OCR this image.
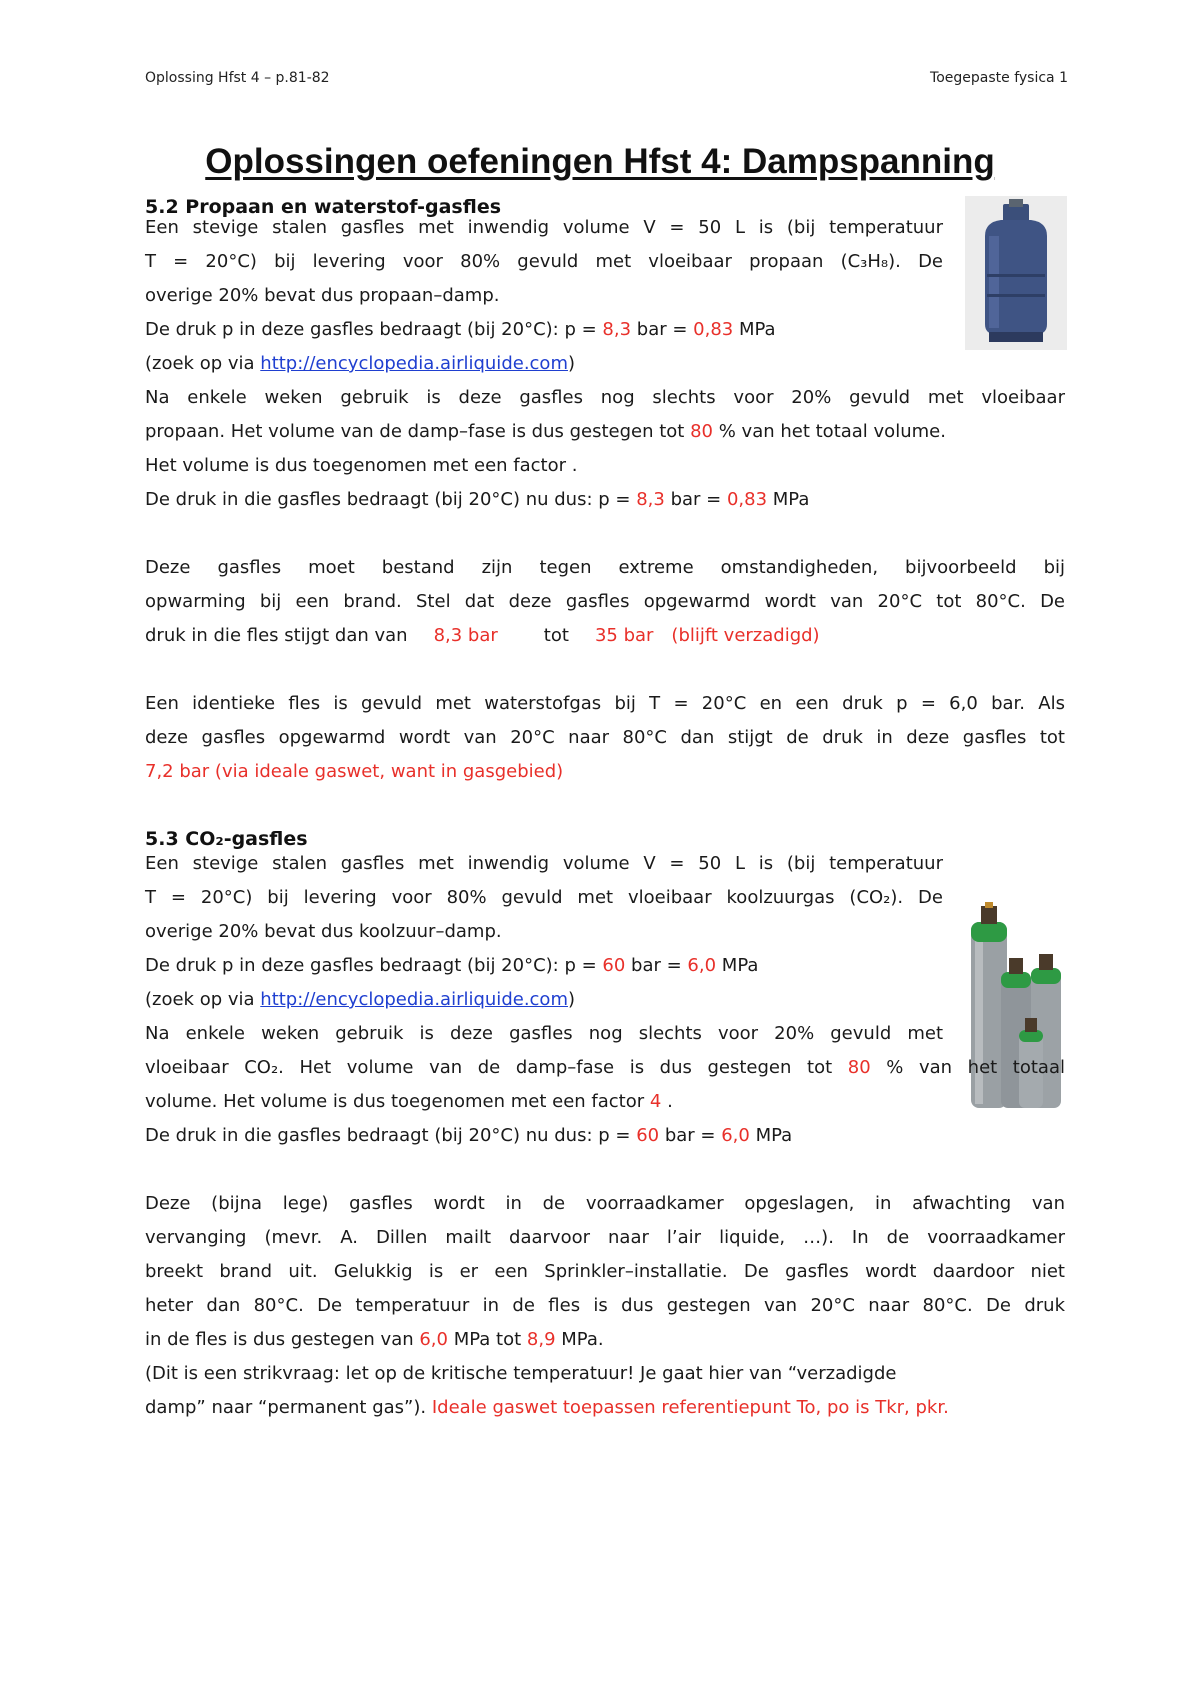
Oplossing Hfst 4 – p.81-82	Toegepaste fysica 1
Oplossingen oefeningen Hfst 4: Dampspanning
5.2 Propaan en waterstof-gasfles
Een stevige stalen gasfles met inwendig volume V = 50 L is (bij temperatuur
T = 20°C) bij levering voor 80% gevuld met vloeibaar propaan (C₃H₈). De
overige 20% bevat dus propaan–damp.
De druk p in deze gasfles bedraagt (bij 20°C): p = 8,3 bar = 0,83 MPa
(zoek op via http://encyclopedia.airliquide.com)
Na enkele weken gebruik is deze gasfles nog slechts voor 20% gevuld met vloeibaar
propaan. Het volume van de damp–fase is dus gestegen tot 80 % van het totaal volume.
Het volume is dus toegenomen met een factor .
De druk in die gasfles bedraagt (bij 20°C) nu dus: p = 8,3 bar = 0,83 MPa
Deze gasfles moet bestand zijn tegen extreme omstandigheden, bijvoorbeeld bij
opwarming bij een brand. Stel dat deze gasfles opgewarmd wordt van 20°C tot 80°C. De
druk in die fles stijgt dan van 8,3 bar	tot 35 bar (blijft verzadigd)
Een identieke fles is gevuld met waterstofgas bij T = 20°C en een druk p = 6,0 bar. Als
deze gasfles opgewarmd wordt van 20°C naar 80°C dan stijgt de druk in deze gasfles tot
7,2 bar (via ideale gaswet, want in gasgebied)
5.3 CO₂-gasfles
Een stevige stalen gasfles met inwendig volume V = 50 L is (bij temperatuur
T = 20°C) bij levering voor 80% gevuld met vloeibaar koolzuurgas (CO₂). De
overige 20% bevat dus koolzuur–damp.
De druk p in deze gasfles bedraagt (bij 20°C): p = 60 bar = 6,0 MPa
(zoek op via http://encyclopedia.airliquide.com)
Na enkele weken gebruik is deze gasfles nog slechts voor 20% gevuld met
vloeibaar CO₂. Het volume van de damp–fase is dus gestegen tot 80 % van het totaal
volume. Het volume is dus toegenomen met een factor 4 .
De druk in die gasfles bedraagt (bij 20°C) nu dus: p = 60 bar = 6,0 MPa
Deze (bijna lege) gasfles wordt in de voorraadkamer opgeslagen, in afwachting van
vervanging (mevr. A. Dillen mailt daarvoor naar l’air liquide, …). In de voorraadkamer
breekt brand uit. Gelukkig is er een Sprinkler–installatie. De gasfles wordt daardoor niet
heter dan 80°C. De temperatuur in de fles is dus gestegen van 20°C naar 80°C. De druk
in de fles is dus gestegen van 6,0 MPa tot 8,9 MPa.
(Dit is een strikvraag: let op de kritische temperatuur! Je gaat hier van “verzadigde
damp” naar “permanent gas”). Ideale gaswet toepassen referentiepunt To, po is Tkr, pkr.
